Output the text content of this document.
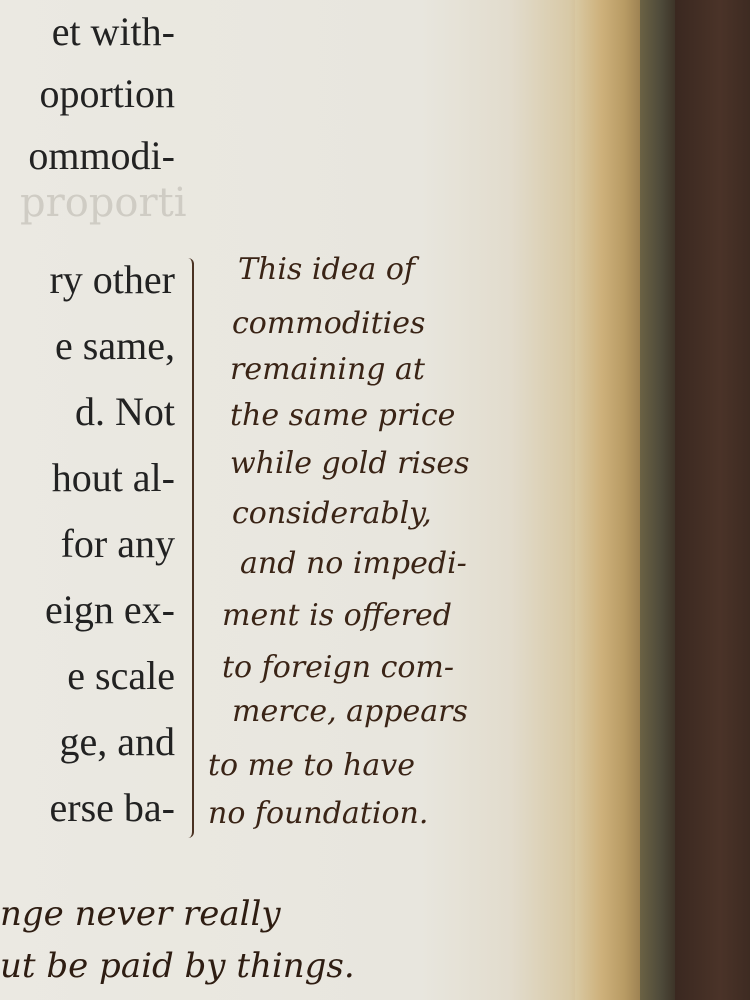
proporti
et with-
oportion
ommodi-
ry other
e same,
d. Not
hout al-
for any
eign ex-
e scale
ge, and
erse ba-
This idea of
commodities
remaining at
the same price
while gold rises
considerably,
and no impedi-
ment is offered
to foreign com-
merce, appears
to me to have
no foundation.
nge never really
ut be paid by things.
